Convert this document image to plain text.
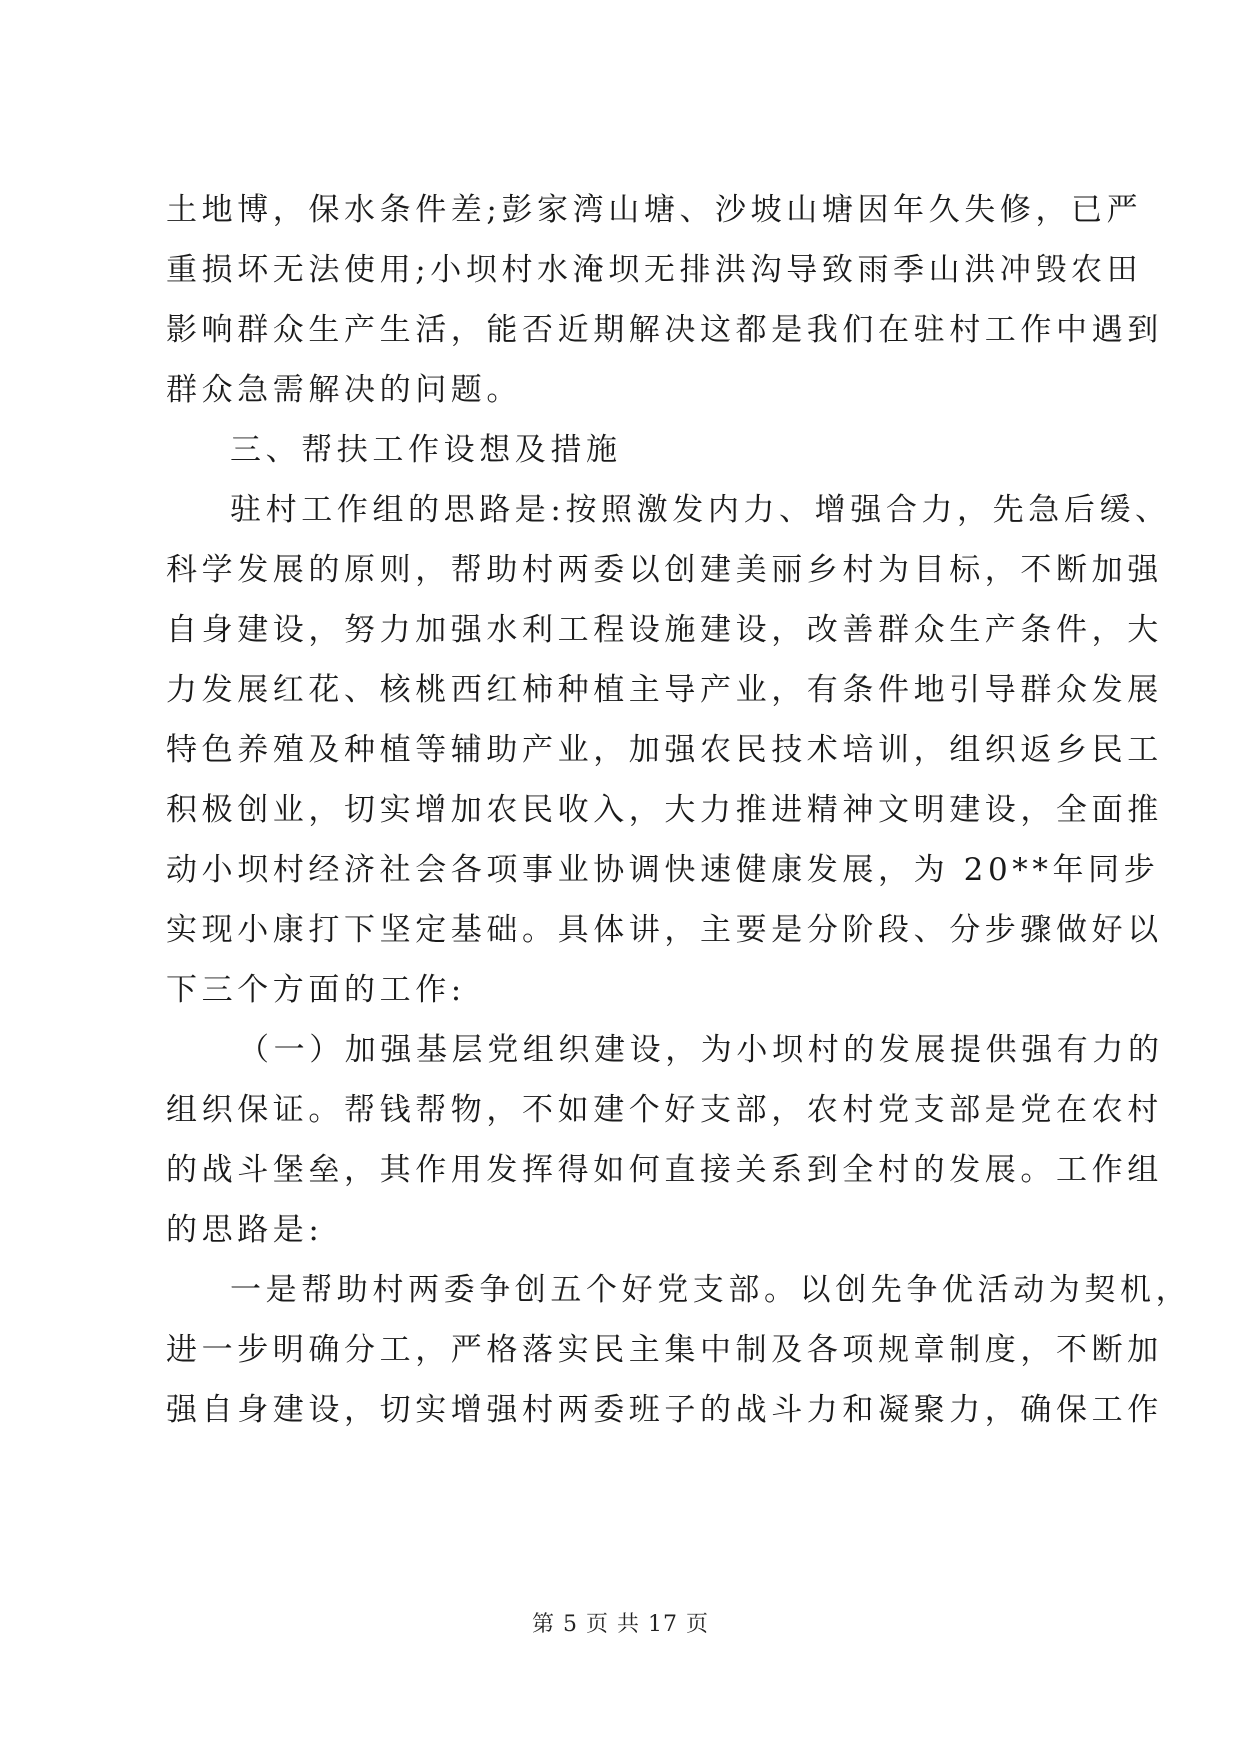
土地博，保水条件差;彭家湾山塘、沙坡山塘因年久失修，已严
重损坏无法使用;小坝村水淹坝无排洪沟导致雨季山洪冲毁农田
影响群众生产生活，能否近期解决这都是我们在驻村工作中遇到
群众急需解决的问题。
三、帮扶工作设想及措施
驻村工作组的思路是:按照激发内力、增强合力，先急后缓、
科学发展的原则，帮助村两委以创建美丽乡村为目标，不断加强
自身建设，努力加强水利工程设施建设，改善群众生产条件，大
力发展红花、核桃西红柿种植主导产业，有条件地引导群众发展
特色养殖及种植等辅助产业，加强农民技术培训，组织返乡民工
积极创业，切实增加农民收入，大力推进精神文明建设，全面推
动小坝村经济社会各项事业协调快速健康发展，为 20**年同步
实现小康打下坚定基础。具体讲，主要是分阶段、分步骤做好以
下三个方面的工作:
（一）加强基层党组织建设，为小坝村的发展提供强有力的
组织保证。帮钱帮物，不如建个好支部，农村党支部是党在农村
的战斗堡垒，其作用发挥得如何直接关系到全村的发展。工作组
的思路是:
一是帮助村两委争创五个好党支部。以创先争优活动为契机，
进一步明确分工，严格落实民主集中制及各项规章制度，不断加
强自身建设，切实增强村两委班子的战斗力和凝聚力，确保工作
第 5 页 共 17 页
